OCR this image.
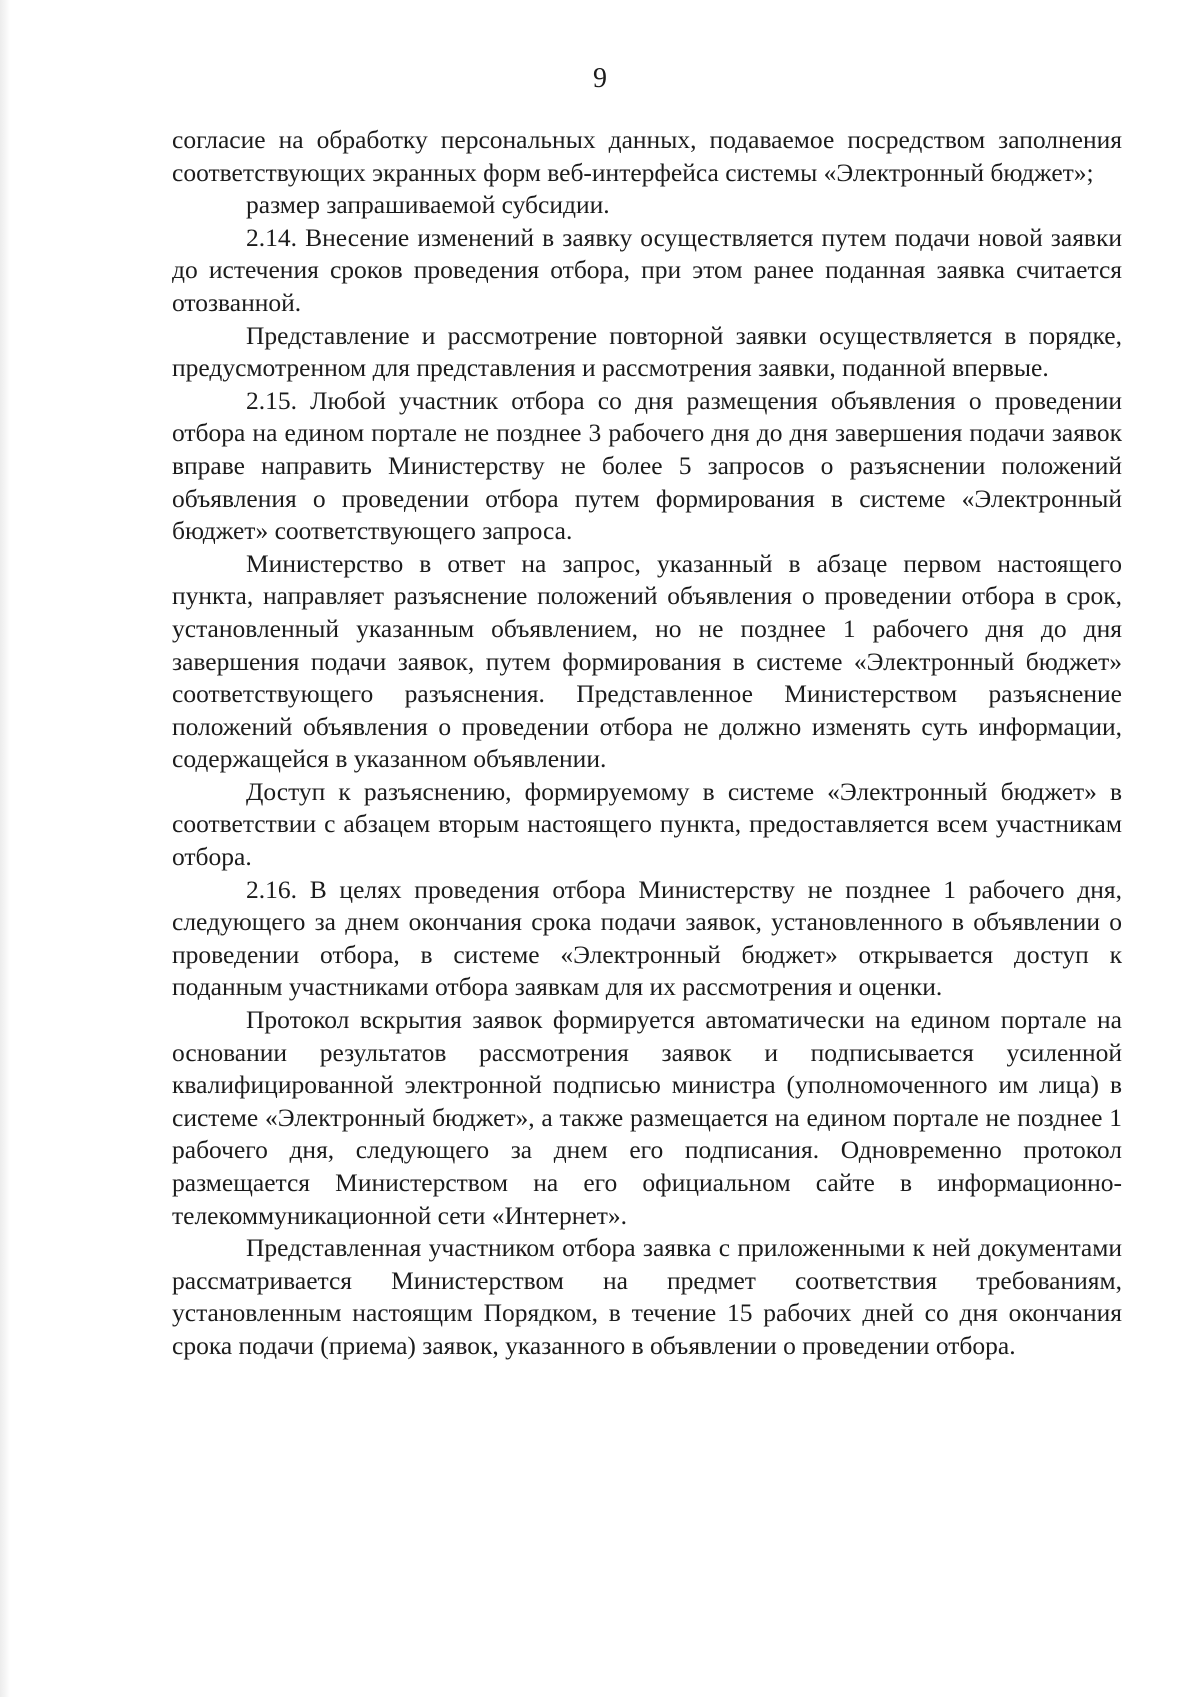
9

согласие на обработку персональных данных, подаваемое посредством заполнения соответствующих экранных форм веб-интерфейса системы «Электронный бюджет»;

размер запрашиваемой субсидии.

2.14. Внесение изменений в заявку осуществляется путем подачи новой заявки до истечения сроков проведения отбора, при этом ранее поданная заявка считается отозванной.

Представление и рассмотрение повторной заявки осуществляется в порядке, предусмотренном для представления и рассмотрения заявки, поданной впервые.

2.15. Любой участник отбора со дня размещения объявления о проведении отбора на едином портале не позднее 3 рабочего дня до дня завершения подачи заявок вправе направить Министерству не более 5 запросов о разъяснении положений объявления о проведении отбора путем формирования в системе «Электронный бюджет» соответствующего запроса.

Министерство в ответ на запрос, указанный в абзаце первом настоящего пункта, направляет разъяснение положений объявления о проведении отбора в срок, установленный указанным объявлением, но не позднее 1 рабочего дня до дня завершения подачи заявок, путем формирования в системе «Электронный бюджет» соответствующего разъяснения. Представленное Министерством разъяснение положений объявления о проведении отбора не должно изменять суть информации, содержащейся в указанном объявлении.

Доступ к разъяснению, формируемому в системе «Электронный бюджет» в соответствии с абзацем вторым настоящего пункта, предоставляется всем участникам отбора.

2.16. В целях проведения отбора Министерству не позднее 1 рабочего дня, следующего за днем окончания срока подачи заявок, установленного в объявлении о проведении отбора, в системе «Электронный бюджет» открывается доступ к поданным участниками отбора заявкам для их рассмотрения и оценки.

Протокол вскрытия заявок формируется автоматически на едином портале на основании результатов рассмотрения заявок и подписывается усиленной квалифицированной электронной подписью министра (уполномоченного им лица) в системе «Электронный бюджет», а также размещается на едином портале не позднее 1 рабочего дня, следующего за днем его подписания. Одновременно протокол размещается Министерством на его официальном сайте в информационно-телекоммуникационной сети «Интернет».

Представленная участником отбора заявка с приложенными к ней документами рассматривается Министерством на предмет соответствия требованиям, установленным настоящим Порядком, в течение 15 рабочих дней со дня окончания срока подачи (приема) заявок, указанного в объявлении о проведении отбора.
